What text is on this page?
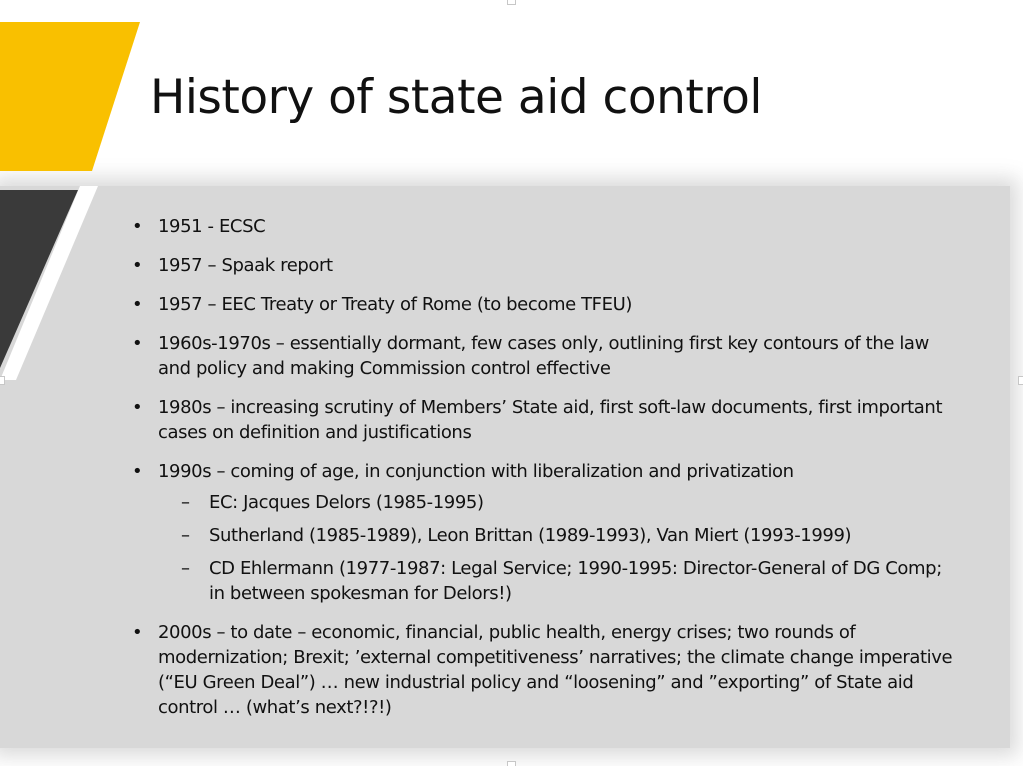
History of state aid control
• 1951 - ECSC
• 1957 – Spaak report
• 1957 – EEC Treaty or Treaty of Rome (to become TFEU)
• 1960s-1970s – essentially dormant, few cases only, outlining first key contours of the law and policy and making Commission control effective
• 1980s – increasing scrutiny of Members’ State aid, first soft-law documents, first important cases on definition and justifications
• 1990s – coming of age, in conjunction with liberalization and privatization
– EC: Jacques Delors (1985-1995)
– Sutherland (1985-1989), Leon Brittan (1989-1993), Van Miert (1993-1999)
– CD Ehlermann (1977-1987: Legal Service; 1990-1995: Director-General of DG Comp; in between spokesman for Delors!)
• 2000s – to date – economic, financial, public health, energy crises; two rounds of modernization; Brexit; ’external competitiveness’ narratives; the climate change imperative (“EU Green Deal”) … new industrial policy and “loosening” and ”exporting” of State aid control … (what’s next?!?!)
